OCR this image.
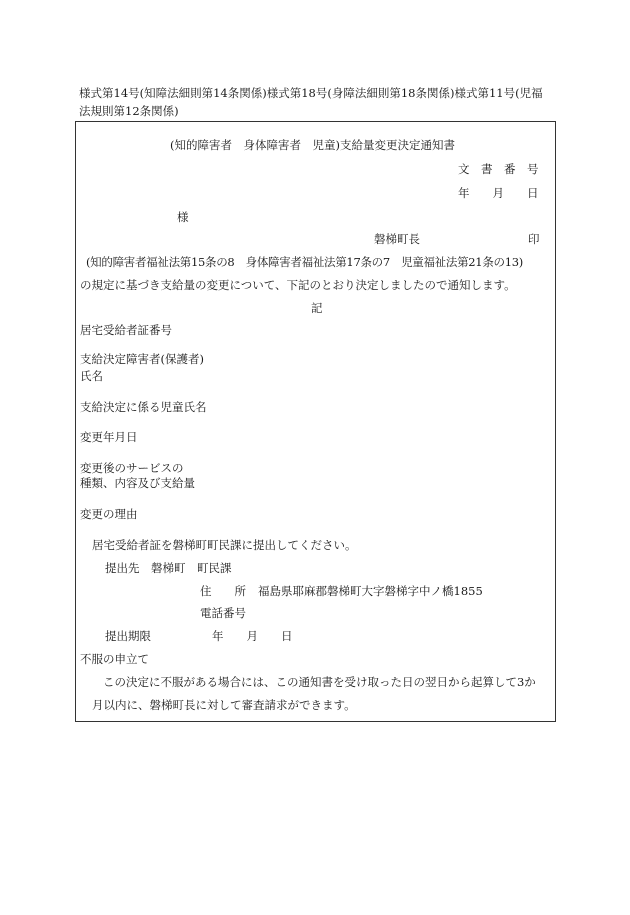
様式第14号(知障法細則第14条関係)様式第18号(身障法細則第18条関係)様式第11号(児福
法規則第12条関係)
(知的障害者　身体障害者　児童)支給量変更決定通知書
文　書　番　号
年　　月　　日
様
磐梯町長	印
(知的障害者福祉法第15条の8　身体障害者福祉法第17条の7　児童福祉法第21条の13)
の規定に基づき支給量の変更について、下記のとおり決定しましたので通知します。
記
居宅受給者証番号
支給決定障害者(保護者)
氏名
支給決定に係る児童氏名
変更年月日
変更後のサービスの
種類、内容及び支給量
変更の理由
居宅受給者証を磐梯町町民課に提出してください。
提出先　磐梯町　町民課
住　　所 福島県耶麻郡磐梯町大字磐梯字中ノ橋1855
電話番号
提出期限	年　　月　　日
不服の申立て
この決定に不服がある場合には、この通知書を受け取った日の翌日から起算して3か
月以内に、磐梯町長に対して審査請求ができます。
